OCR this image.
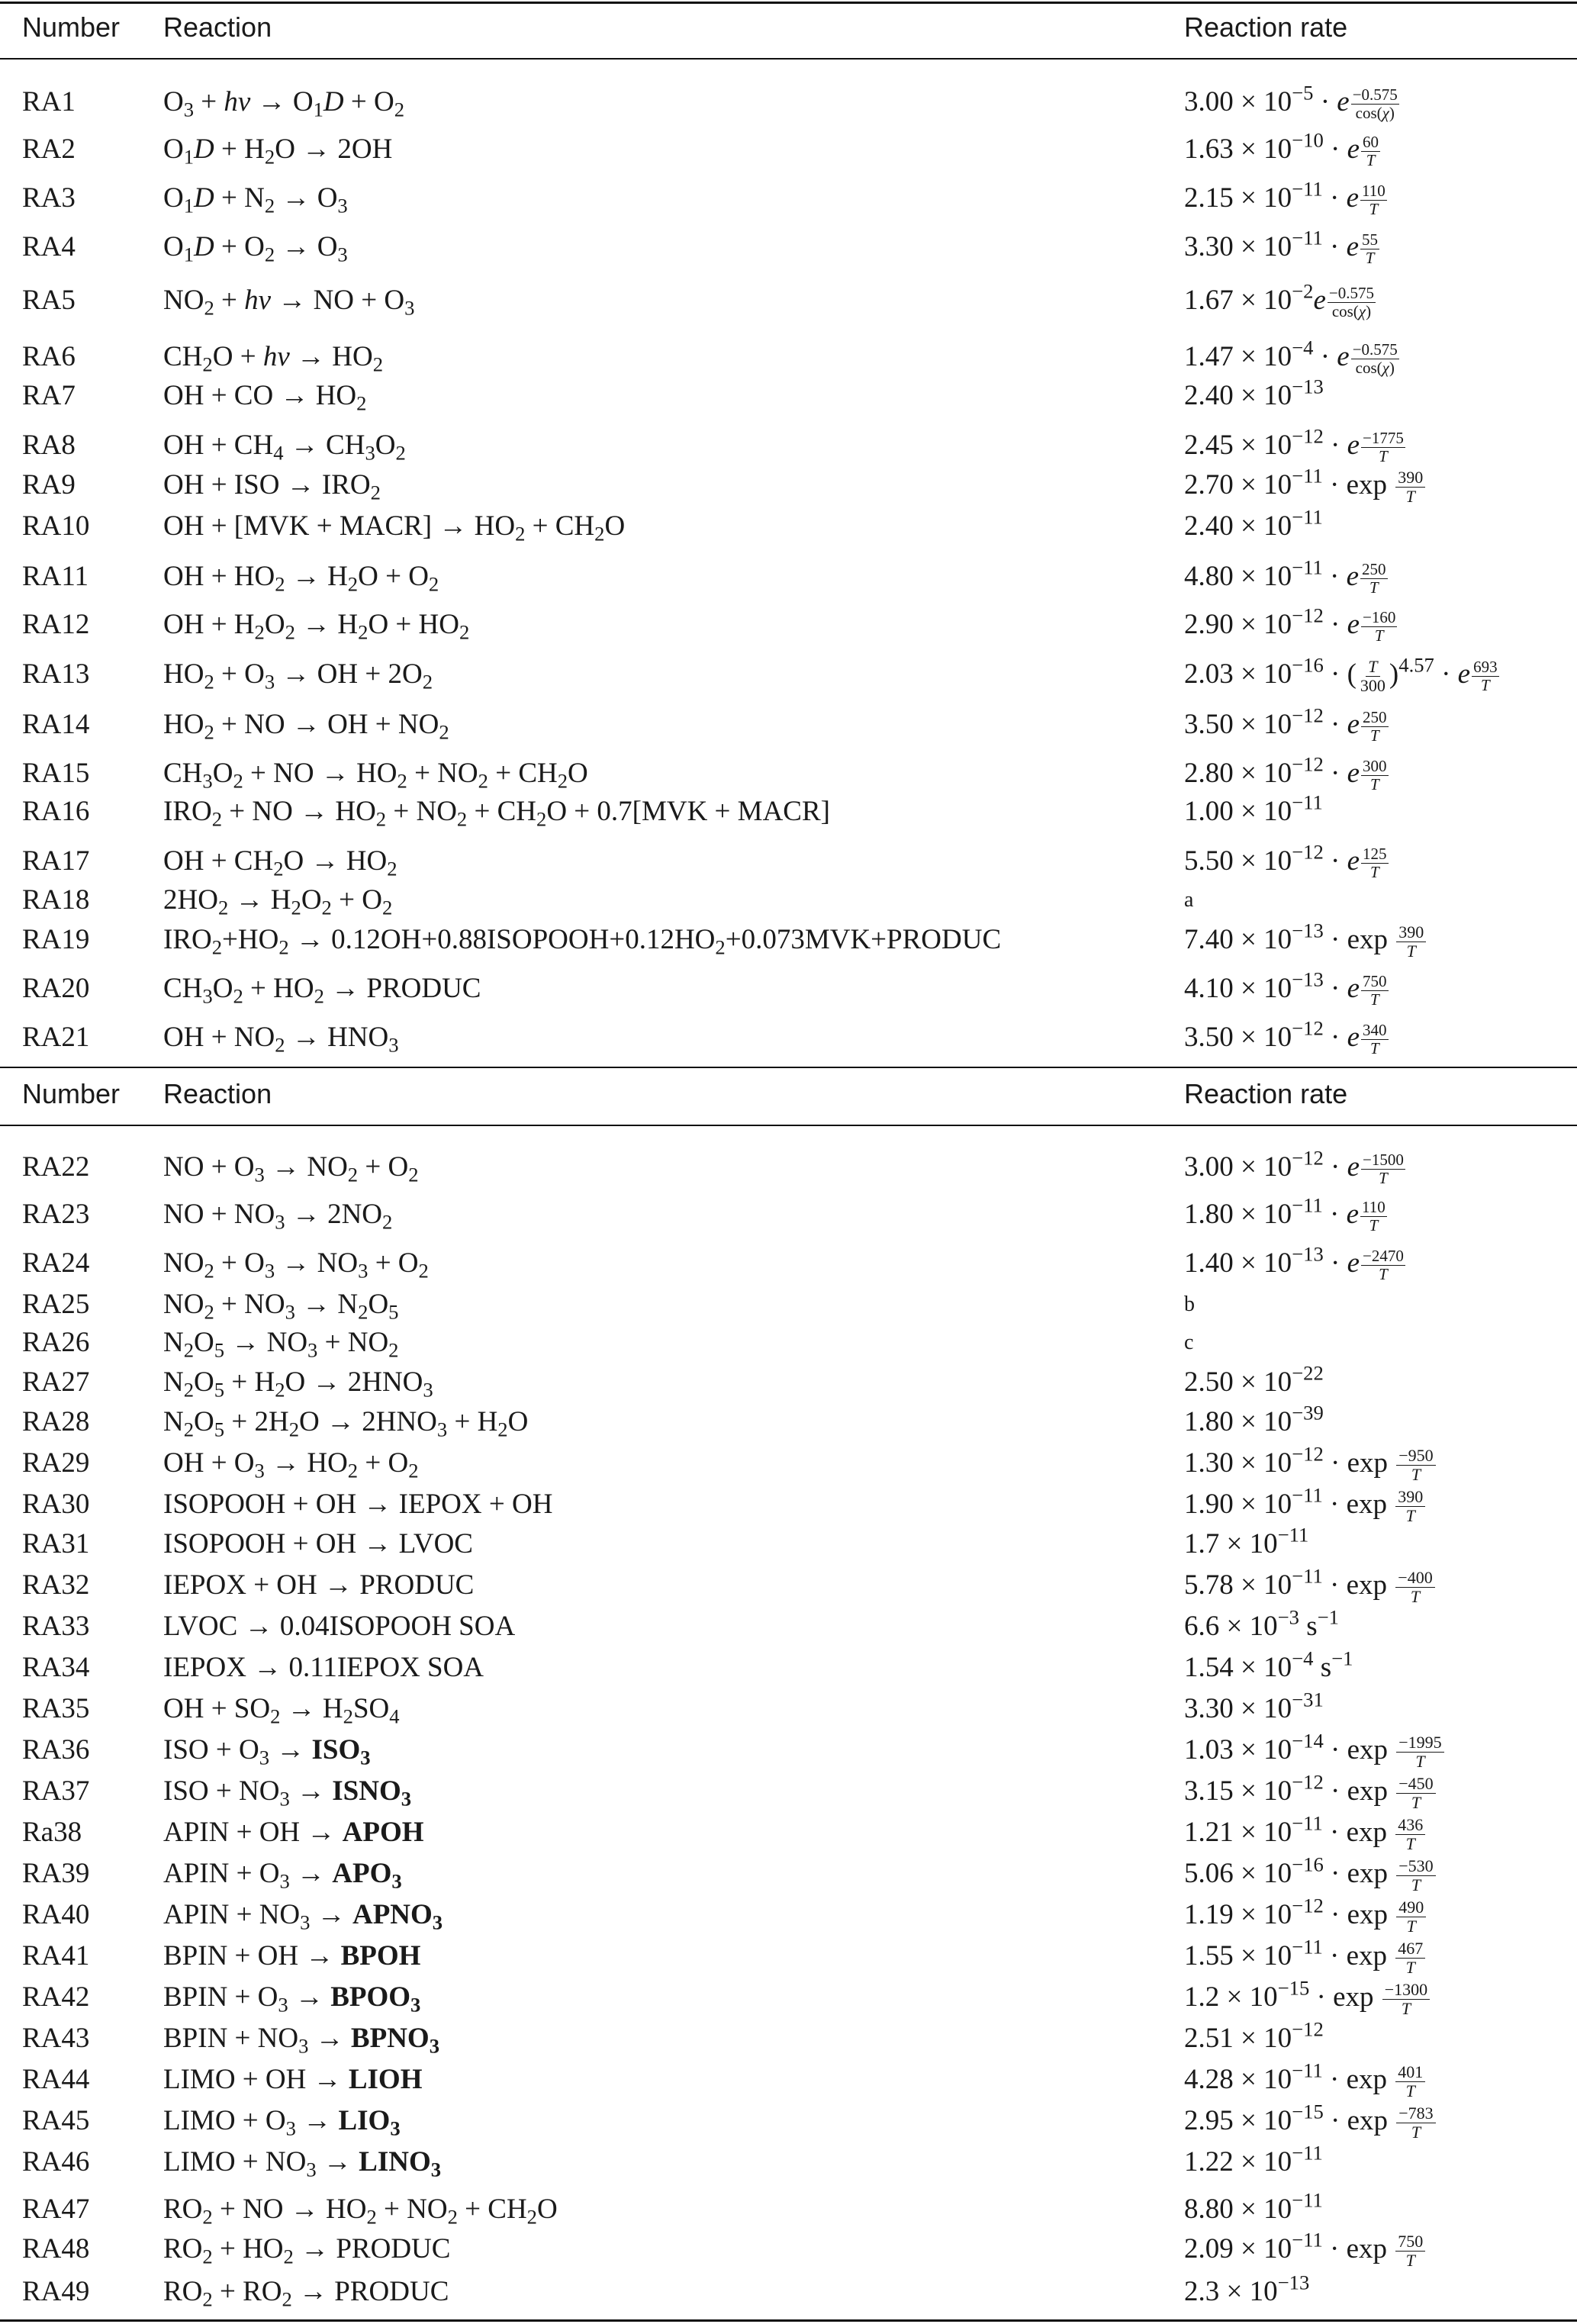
Number Reaction	Reaction rate
RA1	$O_3 + h\nu \to O_1D + O_2$	$3.00 \times 10^{-5} \cdot e \frac{-0.575}{\cos(\chi)}$
RA2	$O_1D + H_2O \to 2OH$	$1.63 \times 10^{-10} \cdot e \frac{60}{T}$
RA3	$O_1D + N_2 \to O_3$	$2.15 \times 10^{-11} \cdot e \frac{110}{T}$
RA4	$O_1D + O_2 \to O_3$	$3.30 \times 10^{-11} \cdot e \frac{55}{T}$
RA5	$NO_2 + h\nu$ → NO + $O_3$	$1.67 \times 10^{-2}e \frac{-0.575}{\cos(\chi)}$
RA6	$CH_2O + h\nu \to HO_2$	$1.47 \times 10^{-4} \cdot e \frac{-0.575}{\cos(\chi)}$
RA7	OH + CO → $HO_2$	$2.40 \times 10^{-13}$
RA8	OH + $CH_4 \to CH_3O_2$	$2.45 \times 10^{-12} \cdot e \frac{-1775}{T}$
RA9	OH + ISO → $IRO_2$	$2.70 \times 10^{-11} \cdot \exp \frac{390}{T}$
RA10	OH + [MVK + MACR] → $HO_2 + CH_2O$	$2.40 \times 10^{-11}$
RA11	OH + $HO_2 \to H_2O + O_2$	$4.80 \times 10^{-11} \cdot e \frac{250}{T}$
RA12	OH + $H_2O_2 \to H_2O + HO_2$	$2.90 \times 10^{-12} \cdot e \frac{-160}{T}$
RA13	$HO_2 + O_3$ → OH + $2O_2$	$2.03 \times 10^{-16}$ · ( $\frac{T}{300} )^{4.57} \cdot e \frac{693}{T}$
RA14	$HO_2$ + NO → OH + $NO_2$	$3.50 \times 10^{-12} \cdot e \frac{250}{T}$
RA15	$CH_3O_2$ + NO → $HO_2 + NO_2 + CH_2O$	$2.80 \times 10^{-12} \cdot e \frac{300}{T}$
RA16	$IRO_2$ + NO → $HO_2 + NO_2 + CH_2O + 0.7[MVK$ + MACR]	$1.00 \times 10^{-11}$
RA17	OH + $CH_2O \to HO_2$	$5.50 \times 10^{-12} \cdot e \frac{125}{T}$
RA18	$2HO_2 \to H_2O_2 + O_2$	$^a$
RA19	$IRO_2+HO_2$ → $0.12OH+0.88ISOPOOH+0.12HO_2+0.073MVK+PRODUC$	$7.40 \times 10^{-13} \cdot \exp \frac{390}{T}$
RA20	$CH_3O_2 + HO_2$ → PRODUC	$4.10 \times 10^{-13} \cdot e \frac{750}{T}$
RA21	OH + $NO_2 \to HNO_3$	$3.50 \times 10^{-12} \cdot e \frac{340}{T}$
Number Reaction	Reaction rate
RA22	NO + $O_3 \to NO_2 + O_2$	$3.00 \times 10^{-12} \cdot e \frac{-1500}{T}$
RA23	NO + $NO_3 \to 2NO_2$	$1.80 \times 10^{-11} \cdot e \frac{110}{T}$
RA24	$NO_2 + O_3 \to NO_3 + O_2$	$1.40 \times 10^{-13} \cdot e \frac{-2470}{T}$
RA25	$NO_2 + NO_3 \to N_2O_5$	$^b$
RA26	$N_2O_5 \to NO_3 + NO_2$	$^c$
RA27	$N_2O_5 + H_2O \to 2HNO_3$	$2.50 \times 10^{-22}$
RA28	$N_2O_5 + 2H_2O \to 2HNO_3 + H_2O$	$1.80 \times 10^{-39}$
RA29	OH + $O_3 \to HO_2 + O_2$	$1.30 \times 10^{-12} \cdot \exp \frac{-950}{T}$
RA30	ISOPOOH + OH → IEPOX + OH	$1.90 \times 10^{-11} \cdot \exp \frac{390}{T}$
RA31	ISOPOOH + OH → LVOC	$1.7 \times 10^{-11}$
RA32	IEPOX + OH → PRODUC	$5.78 \times 10^{-11} \cdot \exp \frac{-400}{T}$
RA33	LVOC → 0.04ISOPOOH SOA	$6.6 \times 10^{-3}$ $s^{-1}$
RA34	IEPOX → 0.11IEPOX SOA	$1.54 \times 10^{-4}$ $s^{-1}$
RA35	OH + $SO_2 \to H_2SO_4$	$3.30 \times 10^{-31}$
RA36	ISO + $O_3 \to ISO_3$	$1.03 \times 10^{-14} \cdot \exp \frac{-1995}{T}$
RA37	ISO + $NO_3$ → $ISNO_3$	$3.15 \times 10^{-12} \cdot \exp \frac{-450}{T}$
Ra38	APIN + OH → APOH	$1.21 \times 10^{-11} \cdot \exp \frac{436}{T}$
RA39	APIN + $O_3 \to APO_3$	$5.06 \times 10^{-16} \cdot \exp \frac{-530}{T}$
RA40	APIN + $NO_3$ → $APNO_3$	$1.19 \times 10^{-12} \cdot \exp \frac{490}{T}$
RA41	BPIN + OH → BPOH	$1.55 \times 10^{-11} \cdot \exp \frac{467}{T}$
RA42	BPIN + $O_3$ → $BPOO_3$	$1.2 \times 10^{-15} \cdot \exp \frac{-1300}{T}$
RA43	BPIN + $NO_3$ → $BPNO_3$	$2.51 \times 10^{-12}$
RA44	LIMO + OH → LIOH	$4.28 \times 10^{-11} \cdot \exp \frac{401}{T}$
RA45	LIMO + $O_3 \to LIO_3$	$2.95 \times 10^{-15} \cdot \exp \frac{-783}{T}$
RA46	LIMO + $NO_3$ → $LINO_3$	$1.22 \times 10^{-11}$
RA47	$RO_2$ + NO → $HO_2 + NO_2 + CH_2O$	$8.80 \times 10^{-11}$
RA48	$RO_2 + HO_2$ → PRODUC	$2.09 \times 10^{-11} \cdot \exp \frac{750}{T}$
RA49	$RO_2 + RO_2$ → PRODUC	$2.3 \times 10^{-13}$
